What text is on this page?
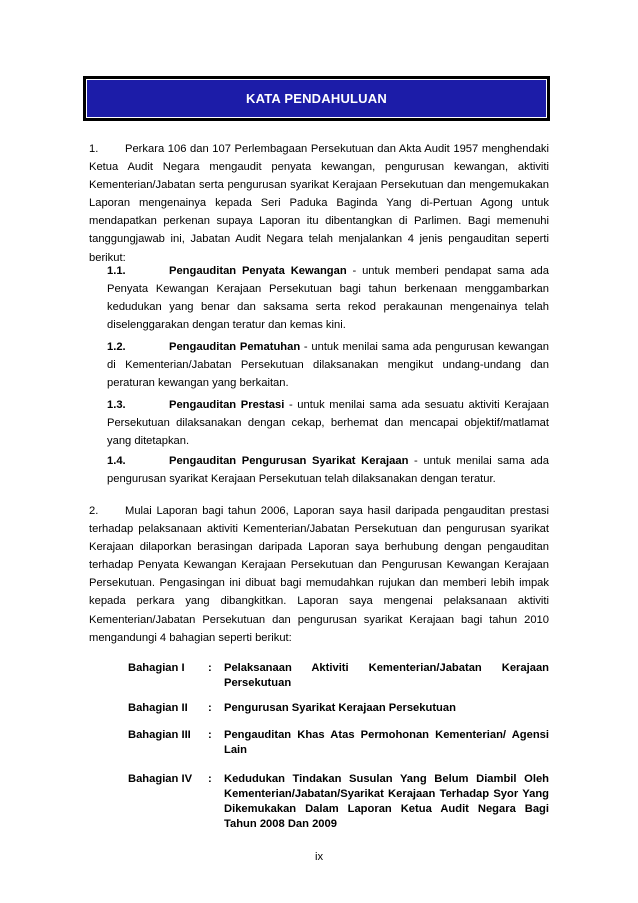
KATA PENDAHULUAN

1. Perkara 106 dan 107 Perlembagaan Persekutuan dan Akta Audit 1957 menghendaki Ketua Audit Negara mengaudit penyata kewangan, pengurusan kewangan, aktiviti Kementerian/Jabatan serta pengurusan syarikat Kerajaan Persekutuan dan mengemukakan Laporan mengenainya kepada Seri Paduka Baginda Yang di-Pertuan Agong untuk mendapatkan perkenan supaya Laporan itu dibentangkan di Parlimen. Bagi memenuhi tanggungjawab ini, Jabatan Audit Negara telah menjalankan 4 jenis pengauditan seperti berikut:

1.1.	Pengauditan Penyata Kewangan - untuk memberi pendapat sama ada Penyata Kewangan Kerajaan Persekutuan bagi tahun berkenaan menggambarkan kedudukan yang benar dan saksama serta rekod perakaunan mengenainya telah diselenggarakan dengan teratur dan kemas kini.

1.2.	Pengauditan Pematuhan - untuk menilai sama ada pengurusan kewangan di Kementerian/Jabatan Persekutuan dilaksanakan mengikut undang-undang dan peraturan kewangan yang berkaitan.

1.3.	Pengauditan Prestasi - untuk menilai sama ada sesuatu aktiviti Kerajaan Persekutuan dilaksanakan dengan cekap, berhemat dan mencapai objektif/matlamat yang ditetapkan.

1.4.	Pengauditan Pengurusan Syarikat Kerajaan - untuk menilai sama ada pengurusan syarikat Kerajaan Persekutuan telah dilaksanakan dengan teratur.

2. Mulai Laporan bagi tahun 2006, Laporan saya hasil daripada pengauditan prestasi terhadap pelaksanaan aktiviti Kementerian/Jabatan Persekutuan dan pengurusan syarikat Kerajaan dilaporkan berasingan daripada Laporan saya berhubung dengan pengauditan terhadap Penyata Kewangan Kerajaan Persekutuan dan Pengurusan Kewangan Kerajaan Persekutuan. Pengasingan ini dibuat bagi memudahkan rujukan dan memberi lebih impak kepada perkara yang dibangkitkan. Laporan saya mengenai pelaksanaan aktiviti Kementerian/Jabatan Persekutuan dan pengurusan syarikat Kerajaan bagi tahun 2010 mengandungi 4 bahagian seperti berikut:

Bahagian I	:	Pelaksanaan Aktiviti Kementerian/Jabatan Kerajaan Persekutuan
Bahagian II	:	Pengurusan Syarikat Kerajaan Persekutuan
Bahagian III	:	Pengauditan Khas Atas Permohonan Kementerian/ Agensi Lain
Bahagian IV	:	Kedudukan Tindakan Susulan Yang Belum Diambil Oleh Kementerian/Jabatan/Syarikat Kerajaan Terhadap Syor Yang Dikemukakan Dalam Laporan Ketua Audit Negara Bagi Tahun 2008 Dan 2009
ix
